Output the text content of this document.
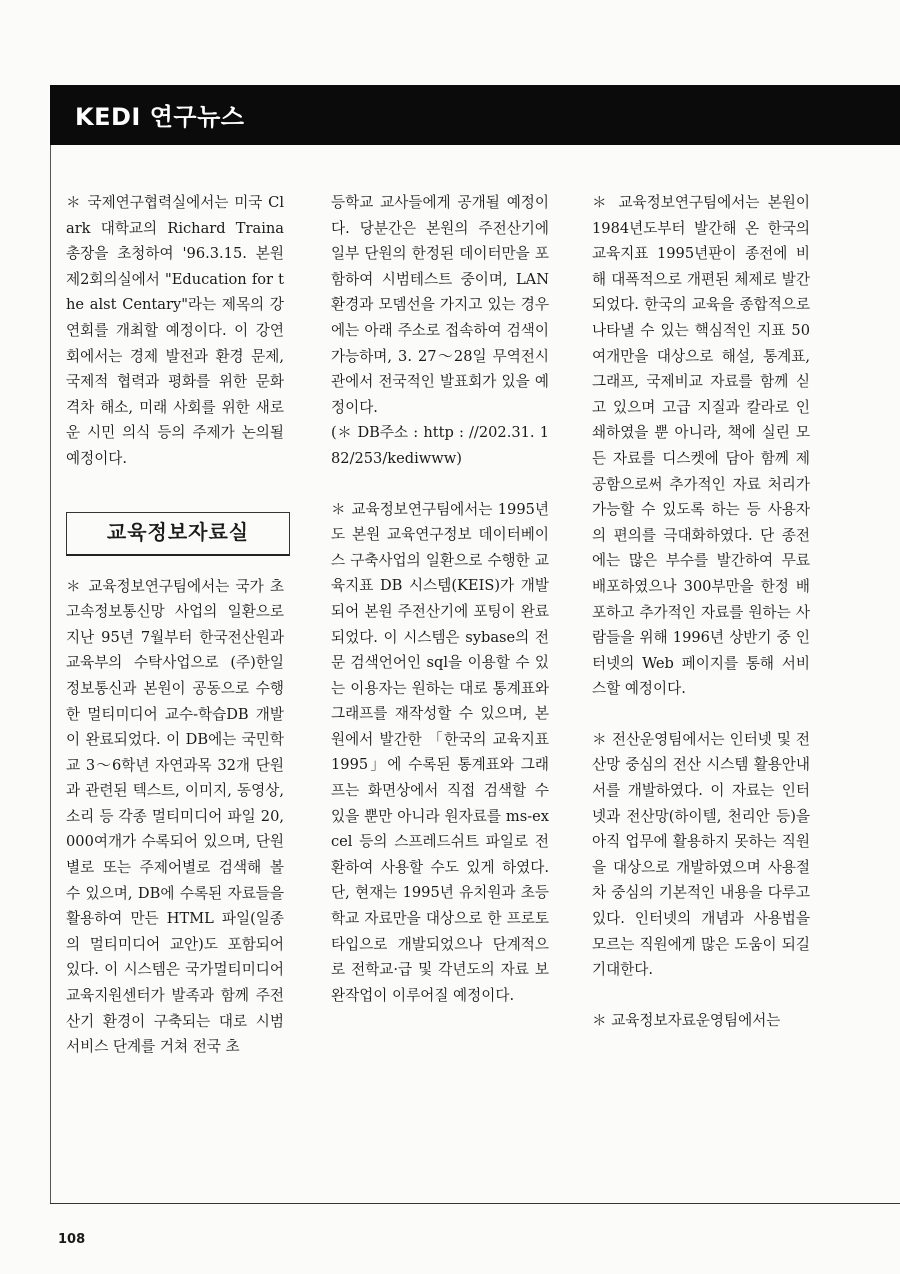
KEDI 연구뉴스

＊ 국제연구협력실에서는 미국 Clark 대학교의 Richard Traina 총장을 초청하여 '96.3.15. 본원 제2회의실에서 "Education for the alst Centary"라는 제목의 강연회를 개최할 예정이다. 이 강연회에서는 경제 발전과 환경 문제, 국제적 협력과 평화를 위한 문화 격차 해소, 미래 사회를 위한 새로운 시민 의식 등의 주제가 논의될 예정이다.

교육정보자료실

＊ 교육정보연구팀에서는 국가 초고속정보통신망 사업의 일환으로 지난 95년 7월부터 한국전산원과 교육부의 수탁사업으로 (주)한일정보통신과 본원이 공동으로 수행한 멀티미디어 교수-학습DB 개발이 완료되었다. 이 DB에는 국민학교 3～6학년 자연과목 32개 단원과 관련된 텍스트, 이미지, 동영상, 소리 등 각종 멀티미디어 파일 20,000여개가 수록되어 있으며, 단원별로 또는 주제어별로 검색해 볼 수 있으며, DB에 수록된 자료들을 활용하여 만든 HTML 파일(일종의 멀티미디어 교안)도 포함되어 있다. 이 시스템은 국가멀티미디어 교육지원센터가 발족과 함께 주전산기 환경이 구축되는 대로 시범 서비스 단계를 거쳐 전국 초

등학교 교사들에게 공개될 예정이다. 당분간은 본원의 주전산기에 일부 단원의 한정된 데이터만을 포함하여 시범테스트 중이며, LAN 환경과 모뎀선을 가지고 있는 경우에는 아래 주소로 접속하여 검색이 가능하며, 3. 27～28일 무역전시관에서 전국적인 발표회가 있을 예정이다.

(＊ DB주소 : http : //202.31. 182/253/kediwww)

＊ 교육정보연구팀에서는 1995년도 본원 교육연구정보 데이터베이스 구축사업의 일환으로 수행한 교육지표 DB 시스템(KEIS)가 개발되어 본원 주전산기에 포팅이 완료되었다. 이 시스템은 sybase의 전문 검색언어인 sql을 이용할 수 있는 이용자는 원하는 대로 통계표와 그래프를 재작성할 수 있으며, 본원에서 발간한 「한국의 교육지표 1995」에 수록된 통계표와 그래프는 화면상에서 직접 검색할 수 있을 뿐만 아니라 원자료를 ms-excel 등의 스프레드쉬트 파일로 전환하여 사용할 수도 있게 하였다. 단, 현재는 1995년 유치원과 초등 학교 자료만을 대상으로 한 프로토타입으로 개발되었으나 단계적으로 전학교·급 및 각년도의 자료 보완작업이 이루어질 예정이다.

＊ 교육정보연구팀에서는 본원이 1984년도부터 발간해 온 한국의 교육지표 1995년판이 종전에 비해 대폭적으로 개편된 체제로 발간되었다. 한국의 교육을 종합적으로 나타낼 수 있는 핵심적인 지표 50여개만을 대상으로 해설, 통계표, 그래프, 국제비교 자료를 함께 싣고 있으며 고급 지질과 칼라로 인쇄하였을 뿐 아니라, 책에 실린 모든 자료를 디스켓에 담아 함께 제공함으로써 추가적인 자료 처리가 가능할 수 있도록 하는 등 사용자의 편의를 극대화하였다. 단 종전에는 많은 부수를 발간하여 무료 배포하였으나 300부만을 한정 배포하고 추가적인 자료를 원하는 사람들을 위해 1996년 상반기 중 인터넷의 Web 페이지를 통해 서비스할 예정이다.

＊ 전산운영팀에서는 인터넷 및 전산망 중심의 전산 시스템 활용안내서를 개발하였다. 이 자료는 인터넷과 전산망(하이텔, 천리안 등)을 아직 업무에 활용하지 못하는 직원을 대상으로 개발하였으며 사용절차 중심의 기본적인 내용을 다루고 있다. 인터넷의 개념과 사용법을 모르는 직원에게 많은 도움이 되길 기대한다.

＊ 교육정보자료운영팀에서는

108
